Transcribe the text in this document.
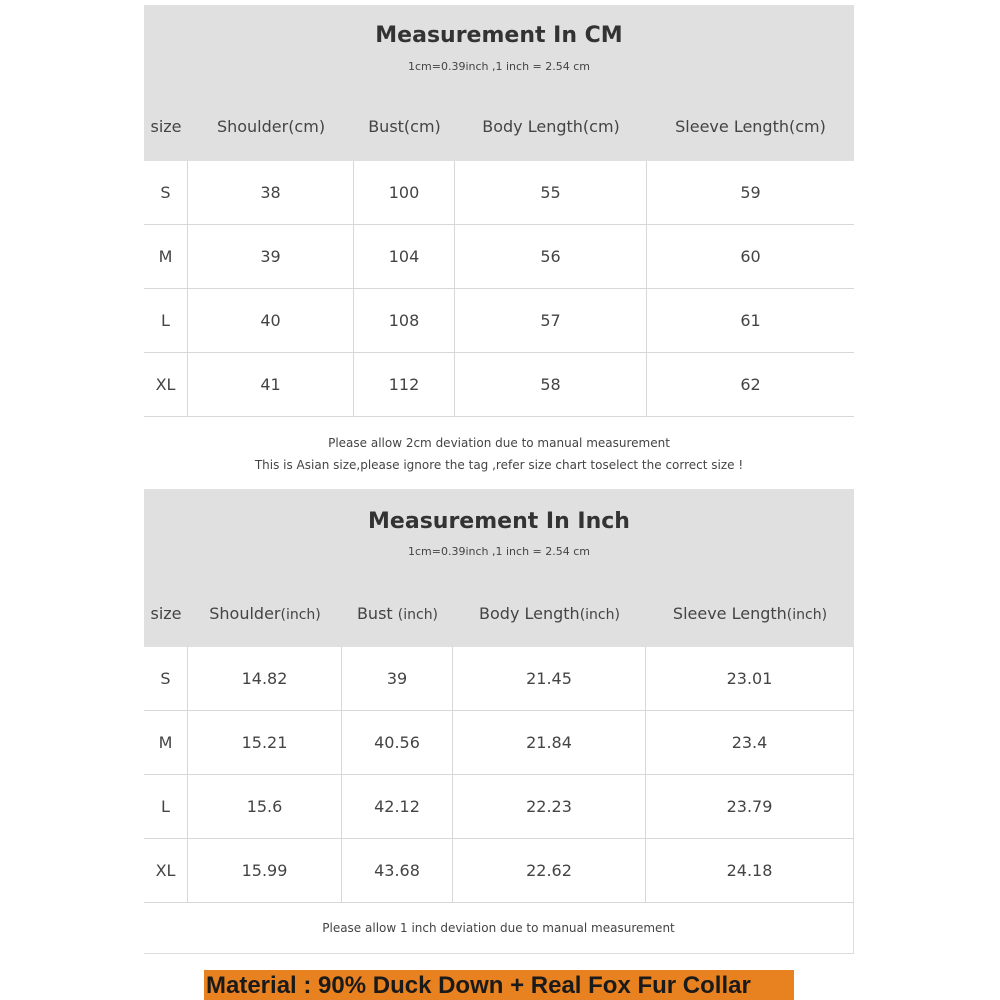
Measurement In CM
1cm=0.39inch ,1 inch = 2.54 cm
size	Shoulder(cm)	Bust(cm)	Body Length(cm)	Sleeve Length(cm)
S	38	100	55	59
M	39	104	56	60
L	40	108	57	61
XL	41	112	58	62
Please allow 2cm deviation due to manual measurement
This is Asian size,please ignore the tag ,refer size chart toselect the correct size !
Measurement In Inch
1cm=0.39inch ,1 inch = 2.54 cm
size	Shoulder(inch)	Bust (inch)	Body Length(inch)	Sleeve Length(inch)
S	14.82	39	21.45	23.01
M	15.21	40.56	21.84	23.4
L	15.6	42.12	22.23	23.79
XL	15.99	43.68	22.62	24.18
Please allow 1 inch deviation due to manual measurement
Material : 90% Duck Down + Real Fox Fur Collar
